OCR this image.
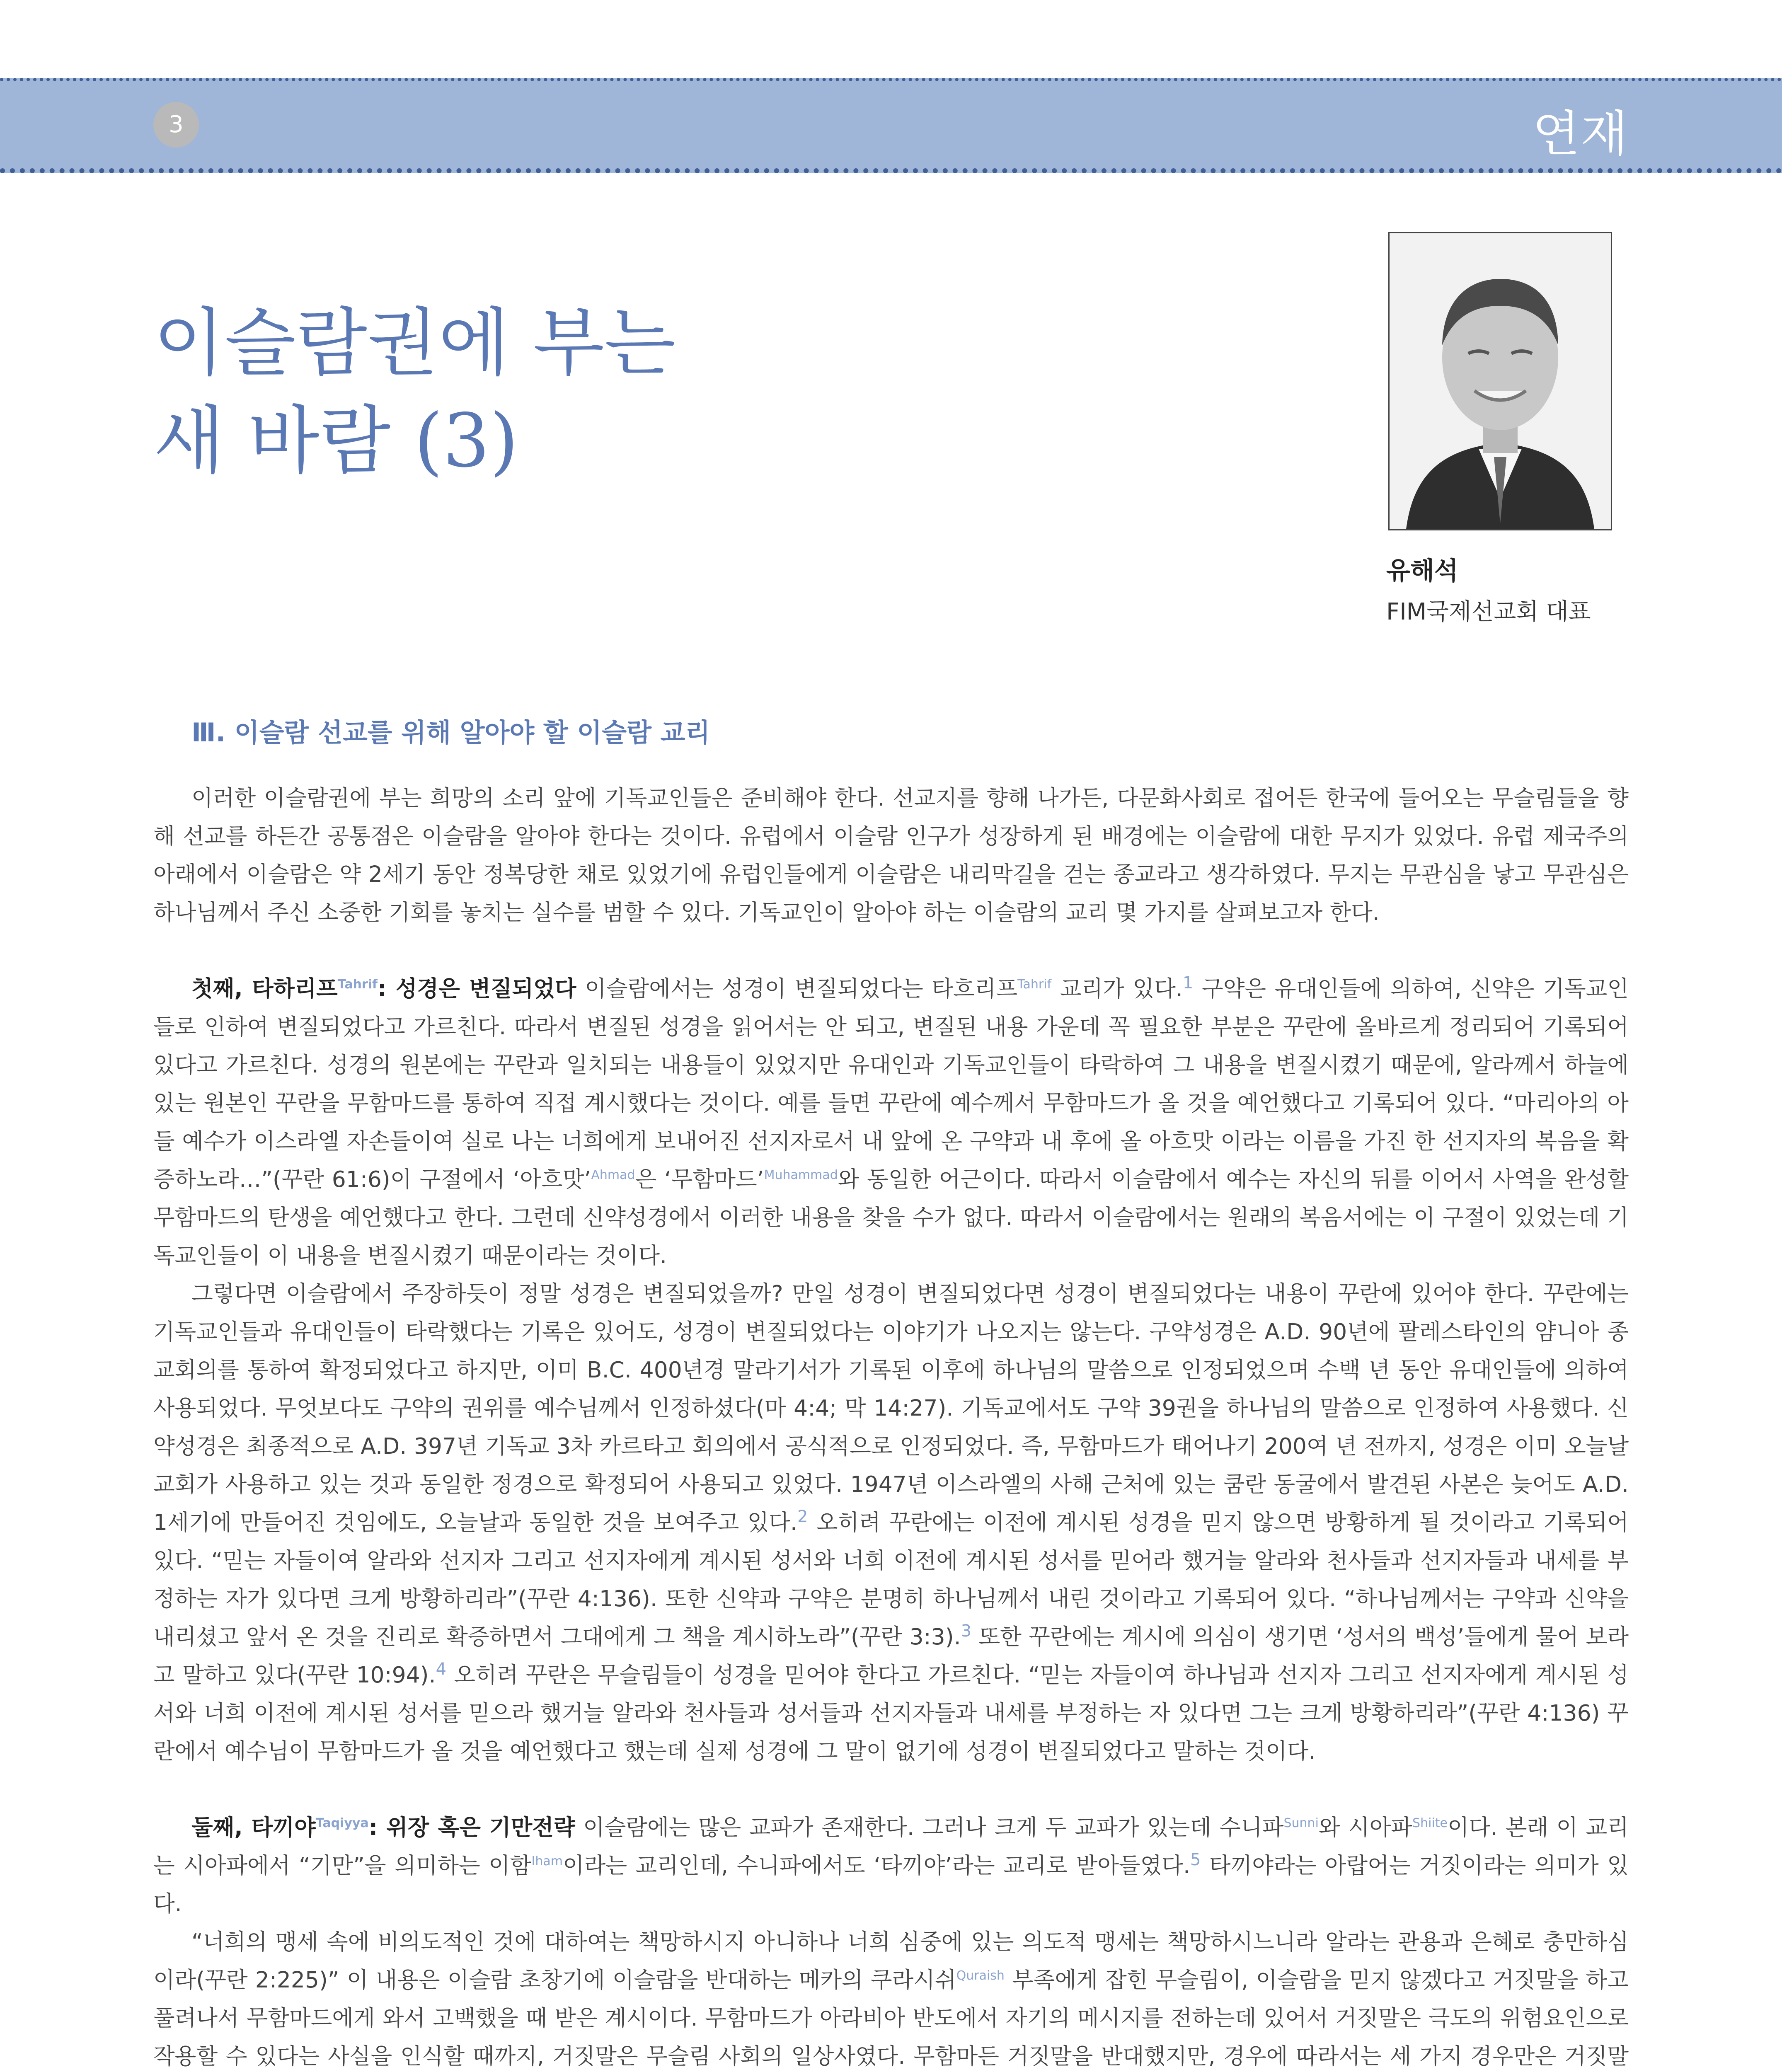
3	연재
이슬람권에 부는
새 바람 (3)
유해석
FIM국제선교회 대표
Ⅲ. 이슬람 선교를 위해 알아야 할 이슬람 교리

이러한 이슬람권에 부는 희망의 소리 앞에 기독교인들은 준비해야 한다. 선교지를 향해 나가든, 다문화사회로 접어든 한국에 들어오는 무슬림들을 향해 선교를 하든간 공통점은 이슬람을 알아야 한다는 것이다. 유럽에서 이슬람 인구가 성장하게 된 배경에는 이슬람에 대한 무지가 있었다. 유럽 제국주의 아래에서 이슬람은 약 2세기 동안 정복당한 채로 있었기에 유럽인들에게 이슬람은 내리막길을 걷는 종교라고 생각하였다. 무지는 무관심을 낳고 무관심은 하나님께서 주신 소중한 기회를 놓치는 실수를 범할 수 있다. 기독교인이 알아야 하는 이슬람의 교리 몇 가지를 살펴보고자 한다.

첫째, 타하리프$^{Tahrif}$: 성경은 변질되었다 이슬람에서는 성경이 변질되었다는 타흐리프$^{Tahrif}$ 교리가 있다.$^1$ 구약은 유대인들에 의하여, 신약은 기독교인들로 인하여 변질되었다고 가르친다. 따라서 변질된 성경을 읽어서는 안 되고, 변질된 내용 가운데 꼭 필요한 부분은 꾸란에 올바르게 정리되어 기록되어 있다고 가르친다. 성경의 원본에는 꾸란과 일치되는 내용들이 있었지만 유대인과 기독교인들이 타락하여 그 내용을 변질시켰기 때문에, 알라께서 하늘에 있는 원본인 꾸란을 무함마드를 통하여 직접 계시했다는 것이다. 예를 들면 꾸란에 예수께서 무함마드가 올 것을 예언했다고 기록되어 있다. “마리아의 아들 예수가 이스라엘 자손들이여 실로 나는 너희에게 보내어진 선지자로서 내 앞에 온 구약과 내 후에 올 아흐맛 이라는 이름을 가진 한 선지자의 복음을 확증하노라…”(꾸란 61:6)이 구절에서 ‘아흐맛’$^{Ahmad}$은 ‘무함마드’$^{Muhammad}$와 동일한 어근이다. 따라서 이슬람에서 예수는 자신의 뒤를 이어서 사역을 완성할 무함마드의 탄생을 예언했다고 한다. 그런데 신약성경에서 이러한 내용을 찾을 수가 없다. 따라서 이슬람에서는 원래의 복음서에는 이 구절이 있었는데 기독교인들이 이 내용을 변질시켰기 때문이라는 것이다.

그렇다면 이슬람에서 주장하듯이 정말 성경은 변질되었을까? 만일 성경이 변질되었다면 성경이 변질되었다는 내용이 꾸란에 있어야 한다. 꾸란에는 기독교인들과 유대인들이 타락했다는 기록은 있어도, 성경이 변질되었다는 이야기가 나오지는 않는다. 구약성경은 A.D. 90년에 팔레스타인의 얌니아 종교회의를 통하여 확정되었다고 하지만, 이미 B.C. 400년경 말라기서가 기록된 이후에 하나님의 말씀으로 인정되었으며 수백 년 동안 유대인들에 의하여 사용되었다. 무엇보다도 구약의 권위를 예수님께서 인정하셨다(마 4:4; 막 14:27). 기독교에서도 구약 39권을 하나님의 말씀으로 인정하여 사용했다. 신약성경은 최종적으로 A.D. 397년 기독교 3차 카르타고 회의에서 공식적으로 인정되었다. 즉, 무함마드가 태어나기 200여 년 전까지, 성경은 이미 오늘날 교회가 사용하고 있는 것과 동일한 정경으로 확정되어 사용되고 있었다. 1947년 이스라엘의 사해 근처에 있는 쿰란 동굴에서 발견된 사본은 늦어도 A.D. 1세기에 만들어진 것임에도, 오늘날과 동일한 것을 보여주고 있다.$^2$ 오히려 꾸란에는 이전에 계시된 성경을 믿지 않으면 방황하게 될 것이라고 기록되어 있다. “믿는 자들이여 알라와 선지자 그리고 선지자에게 계시된 성서와 너희 이전에 계시된 성서를 믿어라 했거늘 알라와 천사들과 선지자들과 내세를 부정하는 자가 있다면 크게 방황하리라”(꾸란 4:136). 또한 신약과 구약은 분명히 하나님께서 내린 것이라고 기록되어 있다. “하나님께서는 구약과 신약을 내리셨고 앞서 온 것을 진리로 확증하면서 그대에게 그 책을 계시하노라”(꾸란 3:3).$^3$ 또한 꾸란에는 계시에 의심이 생기면 ‘성서의 백성’들에게 물어 보라고 말하고 있다(꾸란 10:94).$^4$ 오히려 꾸란은 무슬림들이 성경을 믿어야 한다고 가르친다. “믿는 자들이여 하나님과 선지자 그리고 선지자에게 계시된 성서와 너희 이전에 계시된 성서를 믿으라 했거늘 알라와 천사들과 성서들과 선지자들과 내세를 부정하는 자 있다면 그는 크게 방황하리라”(꾸란 4:136) 꾸란에서 예수님이 무함마드가 올 것을 예언했다고 했는데 실제 성경에 그 말이 없기에 성경이 변질되었다고 말하는 것이다.

둘째, 타끼야$^{Taqiyya}$: 위장 혹은 기만전략 이슬람에는 많은 교파가 존재한다. 그러나 크게 두 교파가 있는데 수니파$^{Sunni}$와 시아파$^{Shiite}$이다. 본래 이 교리는 시아파에서 “기만”을 의미하는 이함$^{Iham}$이라는 교리인데, 수니파에서도 ‘타끼야’라는 교리로 받아들였다.$^5$ 타끼야라는 아랍어는 거짓이라는 의미가 있다.

“너희의 맹세 속에 비의도적인 것에 대하여는 책망하시지 아니하나 너희 심중에 있는 의도적 맹세는 책망하시느니라 알라는 관용과 은혜로 충만하심이라(꾸란 2:225)” 이 내용은 이슬람 초창기에 이슬람을 반대하는 메카의 쿠라시쉬$^{Quraish}$ 부족에게 잡힌 무슬림이, 이슬람을 믿지 않겠다고 거짓말을 하고 풀려나서 무함마드에게 와서 고백했을 때 받은 계시이다. 무함마드가 아라비아 반도에서 자기의 메시지를 전하는데 있어서 거짓말은 극도의 위험요인으로 작용할 수 있다는 사실을 인식할 때까지, 거짓말은 무슬림 사회의 일상사였다. 무함마든 거짓말을 반대했지만, 경우에 따라서는 세 가지 경우만은 거짓말
